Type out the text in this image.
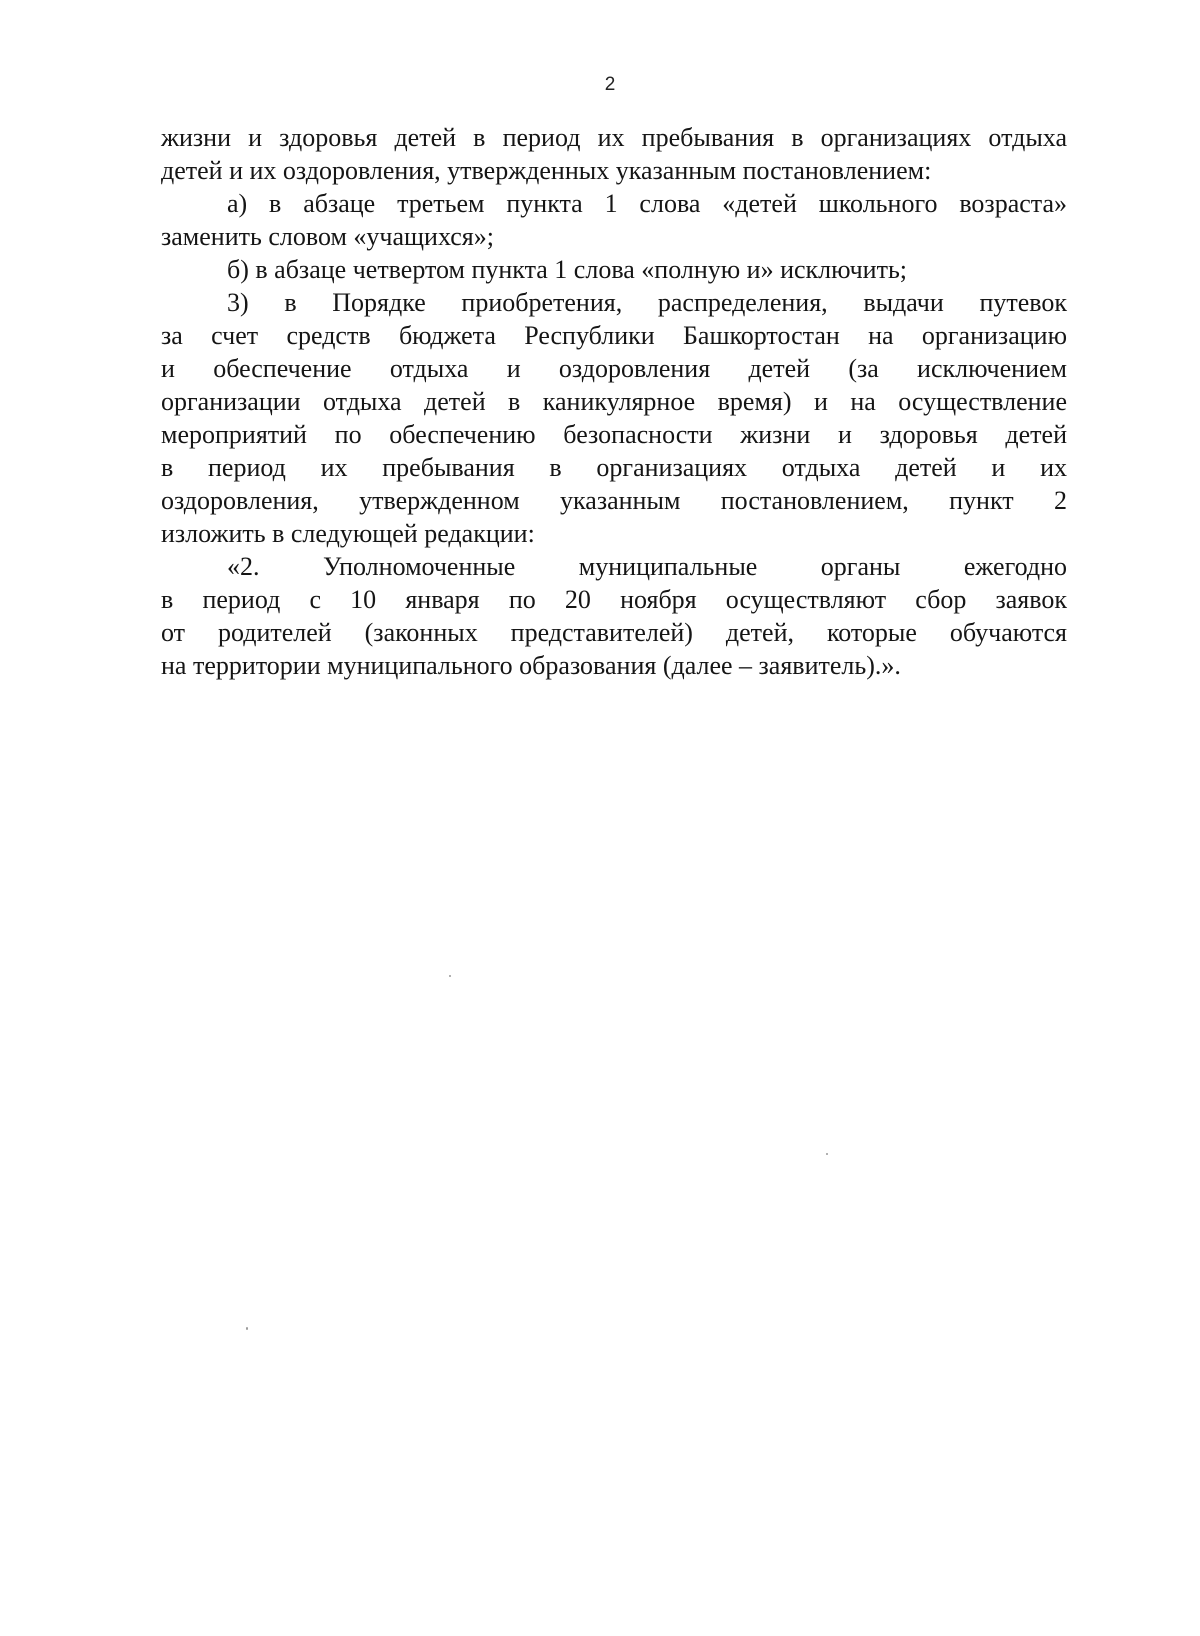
2
жизни и здоровья детей в период их пребывания в организациях отдыха
детей и их оздоровления, утвержденных указанным постановлением:
а) в абзаце третьем пункта 1 слова «детей школьного возраста»
заменить словом «учащихся»;
б) в абзаце четвертом пункта 1 слова «полную и» исключить;
3) в Порядке приобретения, распределения, выдачи путевок
за счет средств бюджета Республики Башкортостан на организацию
и обеспечение отдыха и оздоровления детей (за исключением
организации отдыха детей в каникулярное время) и на осуществление
мероприятий по обеспечению безопасности жизни и здоровья детей
в период их пребывания в организациях отдыха детей и их
оздоровления, утвержденном указанным постановлением, пункт 2
изложить в следующей редакции:
«2. Уполномоченные муниципальные органы ежегодно
в период с 10 января по 20 ноября осуществляют сбор заявок
от родителей (законных представителей) детей, которые обучаются
на территории муниципального образования (далее – заявитель).».
